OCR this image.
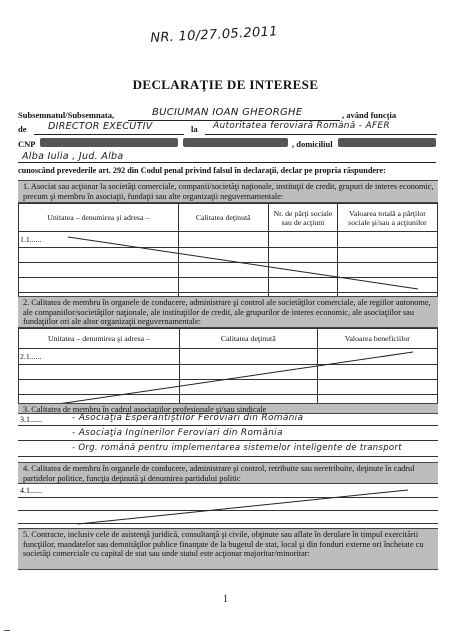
NR. 10/27.05.2011
DECLARAŢIE DE INTERESE
Subsemnatul/Subsemnata,	BUCIUMAN IOAN GHEORGHE	, având funcţia
de DIRECTOR EXECUTIV	la Autoritatea feroviară Română - AFER
CNP	, domiciliul
Alba Iulia , Jud. Alba
cunoscând prevederile art. 292 din Codul penal privind falsul în declaraţii, declar pe propria răspundere:
1. Asociat sau acţionar la societăţi comerciale, companii/societăţi naţionale, instituţii de credit, grupuri de interes economic, precum şi membru în asociaţii, fundaţii sau alte organizaţii neguvernamentale:
Unitatea – denumirea şi adresa –	Calitatea deţinută	Nr. de părţi sociale sau de acţiuni	Valoarea totală a părţilor sociale şi/sau a acţiunilor
1.1......			

2. Calitatea de membru în organele de conducere, administrare şi control ale societăţilor comerciale, ale regiilor autonome, ale companiilor/societăţilor naţionale, ale instituţiilor de credit, ale grupurilor de interes economic, ale asociaţiilor sau fundaţiilor ori ale altor organizaţii neguvernamentale:
Unitatea – denumirea şi adresa –	Calitatea deţinută	Valoarea beneficiilor
2.1......		

3. Calitatea de membru în cadrul asociaţiilor profesionale şi/sau sindicale
3.1......	- Asociaţia Esperantiştilor Feroviari din România
- Asociaţia Inginerilor Feroviari din România
- Org. română pentru implementarea sistemelor inteligente de transport
4. Calitatea de membru în organele de conducere, administrare şi control, retribuite sau neretribuite, deţinute în cadrul partidelor politice, funcţia deţinută şi denumirea partidului politic
4.1......
5. Contracte, inclusiv cele de asistenţă juridică, consultanţă şi civile, obţinute sau aflate în derulare în timpul exercitării funcţiilor, mandatelor sau demnităţilor publice finanţate de la bugetul de stat, local şi din fonduri externe ori încheiate cu societăţi comerciale cu capital de stat sau unde statul este acţionar majoritar/minoritar:
1
